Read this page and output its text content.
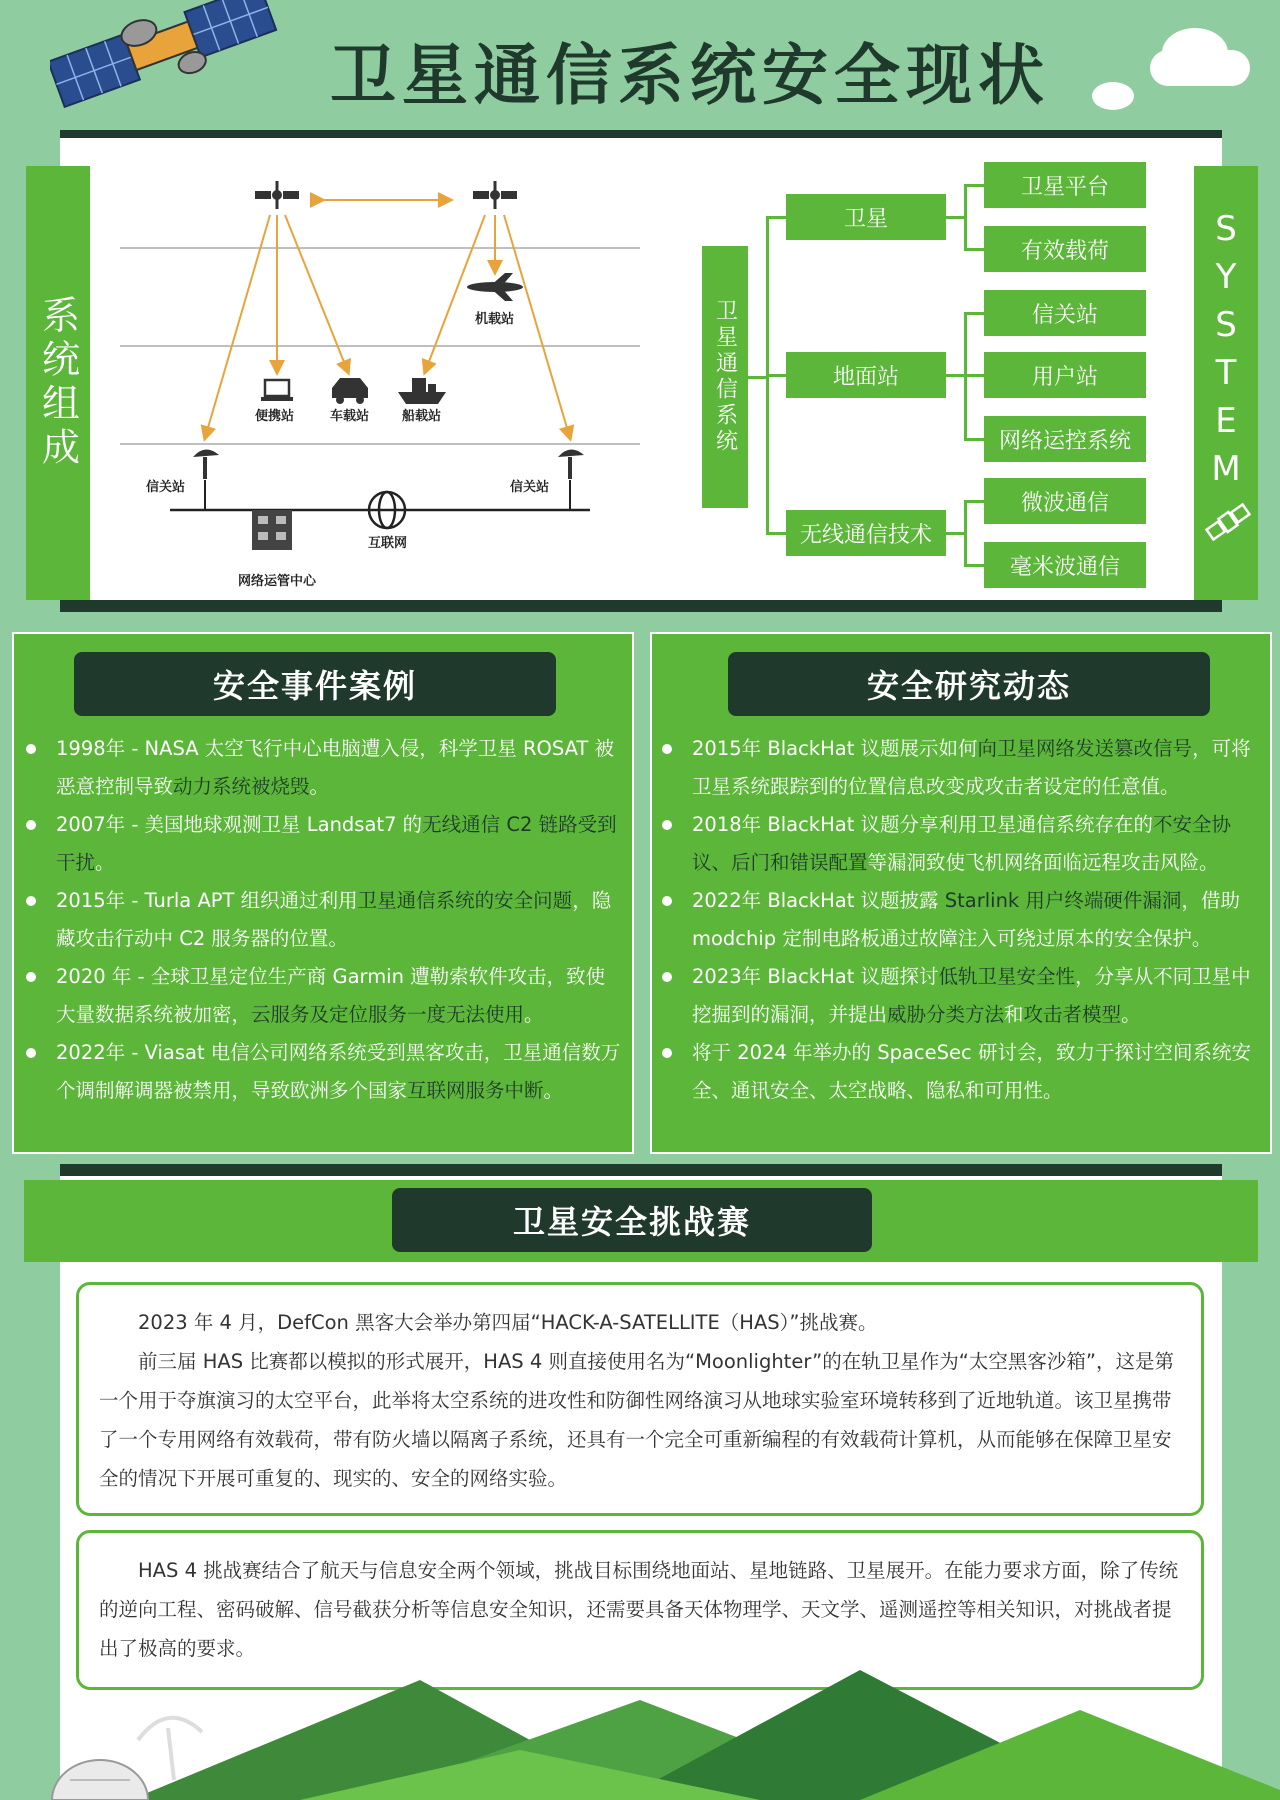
卫星通信系统安全现状
系统组成	SYSTEM
机载站
便携站	车载站	船载站
信关站	信关站
互联网
网络运管中心
卫星通信系统
卫星
地面站
无线通信技术
卫星平台
有效载荷
信关站
用户站
网络运控系统
微波通信
毫米波通信
安全事件案例
1998年 - NASA 太空飞行中心电脑遭入侵，科学卫星 ROSAT 被恶意控制导致动力系统被烧毁。
2007年 - 美国地球观测卫星 Landsat7 的无线通信 C2 链路受到干扰。
2015年 - Turla APT 组织通过利用卫星通信系统的安全问题，隐藏攻击行动中 C2 服务器的位置。
2020 年 - 全球卫星定位生产商 Garmin 遭勒索软件攻击，致使大量数据系统被加密，云服务及定位服务一度无法使用。
2022年 - Viasat 电信公司网络系统受到黑客攻击，卫星通信数万个调制解调器被禁用，导致欧洲多个国家互联网服务中断。
安全研究动态
2015年 BlackHat 议题展示如何向卫星网络发送篡改信号，可将卫星系统跟踪到的位置信息改变成攻击者设定的任意值。
2018年 BlackHat 议题分享利用卫星通信系统存在的不安全协议、后门和错误配置等漏洞致使飞机网络面临远程攻击风险。
2022年 BlackHat 议题披露 Starlink 用户终端硬件漏洞，借助 modchip 定制电路板通过故障注入可绕过原本的安全保护。
2023年 BlackHat 议题探讨低轨卫星安全性，分享从不同卫星中挖掘到的漏洞，并提出威胁分类方法和攻击者模型。
将于 2024 年举办的 SpaceSec 研讨会，致力于探讨空间系统安全、通讯安全、太空战略、隐私和可用性。
卫星安全挑战赛

2023 年 4 月，DefCon 黑客大会举办第四届“HACK-A-SATELLITE（HAS）”挑战赛。

前三届 HAS 比赛都以模拟的形式展开，HAS 4 则直接使用名为“Moonlighter”的在轨卫星作为“太空黑客沙箱”，这是第一个用于夺旗演习的太空平台，此举将太空系统的进攻性和防御性网络演习从地球实验室环境转移到了近地轨道。该卫星携带了一个专用网络有效载荷，带有防火墙以隔离子系统，还具有一个完全可重新编程的有效载荷计算机，从而能够在保障卫星安全的情况下开展可重复的、现实的、安全的网络实验。

HAS 4 挑战赛结合了航天与信息安全两个领域，挑战目标围绕地面站、星地链路、卫星展开。在能力要求方面，除了传统的逆向工程、密码破解、信号截获分析等信息安全知识，还需要具备天体物理学、天文学、遥测遥控等相关知识，对挑战者提出了极高的要求。
